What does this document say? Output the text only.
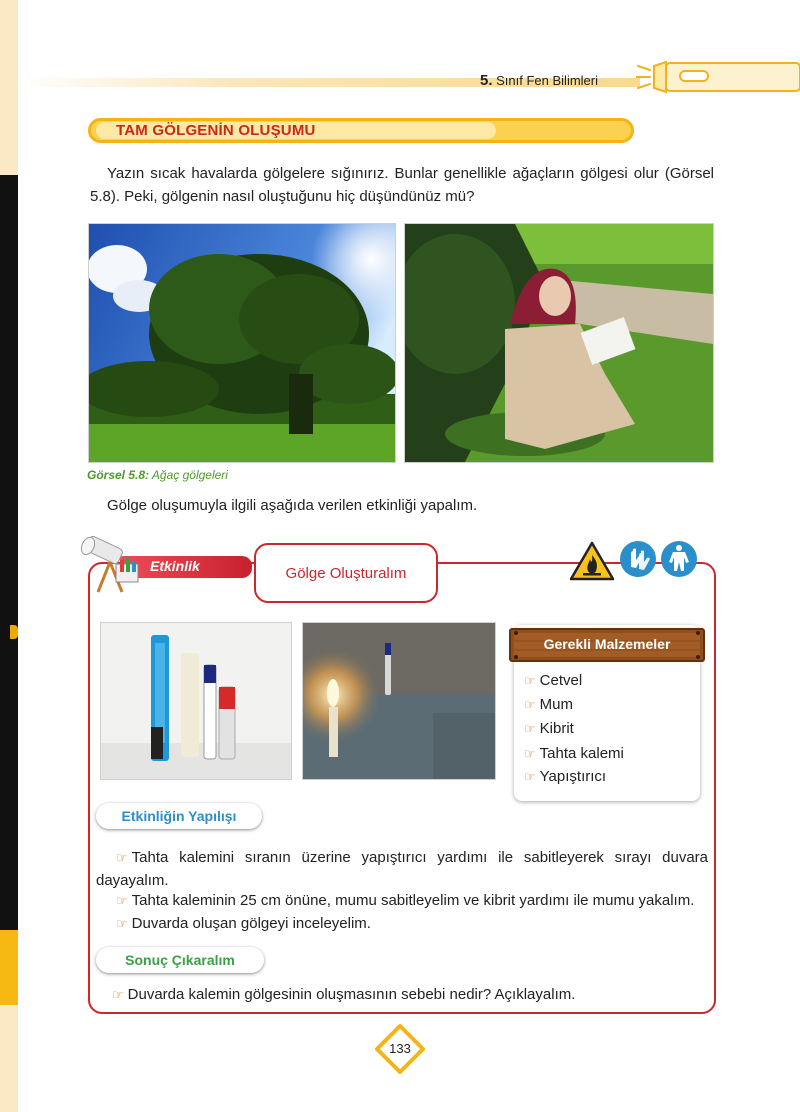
5. Sınıf Fen Bilimleri
TAM GÖLGENİN OLUŞUMU
Yazın sıcak havalarda gölgelere sığınırız. Bunlar genellikle ağaçların gölgesi olur (Görsel 5.8). Peki, gölgenin nasıl oluştuğunu hiç düşündünüz mü?
Görsel 5.8: Ağaç gölgeleri
Gölge oluşumuyla ilgili aşağıda verilen etkinliği yapalım.
Etkinlik	Gölge Oluşturalım
Gerekli Malzemeler
☞ Cetvel
☞ Mum
☞ Kibrit
☞ Tahta kalemi
☞ Yapıştırıcı
Etkinliğin Yapılışı
☞ Tahta kalemini sıranın üzerine yapıştırıcı yardımı ile sabitleyerek sırayı duvara dayayalım.
☞ Tahta kaleminin 25 cm önüne, mumu sabitleyelim ve kibrit yardımı ile mumu yakalım.
☞ Duvarda oluşan gölgeyi inceleyelim.
Sonuç Çıkaralım
☞ Duvarda kalemin gölgesinin oluşmasının sebebi nedir? Açıklayalım.
133
